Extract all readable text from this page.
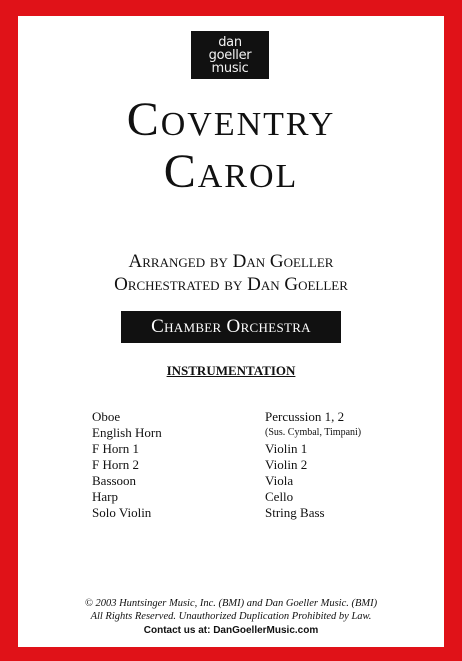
dan
goeller
music
Coventry
Carol
Arranged by Dan Goeller
Orchestrated by Dan Goeller
Chamber Orchestra
INSTRUMENTATION
Oboe
English Horn
F Horn 1
F Horn 2
Bassoon
Harp
Solo Violin
Percussion 1, 2
(Sus. Cymbal, Timpani)
Violin 1
Violin 2
Viola
Cello
String Bass
© 2003 Huntsinger Music, Inc. (BMI) and Dan Goeller Music. (BMI)
All Rights Reserved. Unauthorized Duplication Prohibited by Law.
Contact us at: DanGoellerMusic.com
